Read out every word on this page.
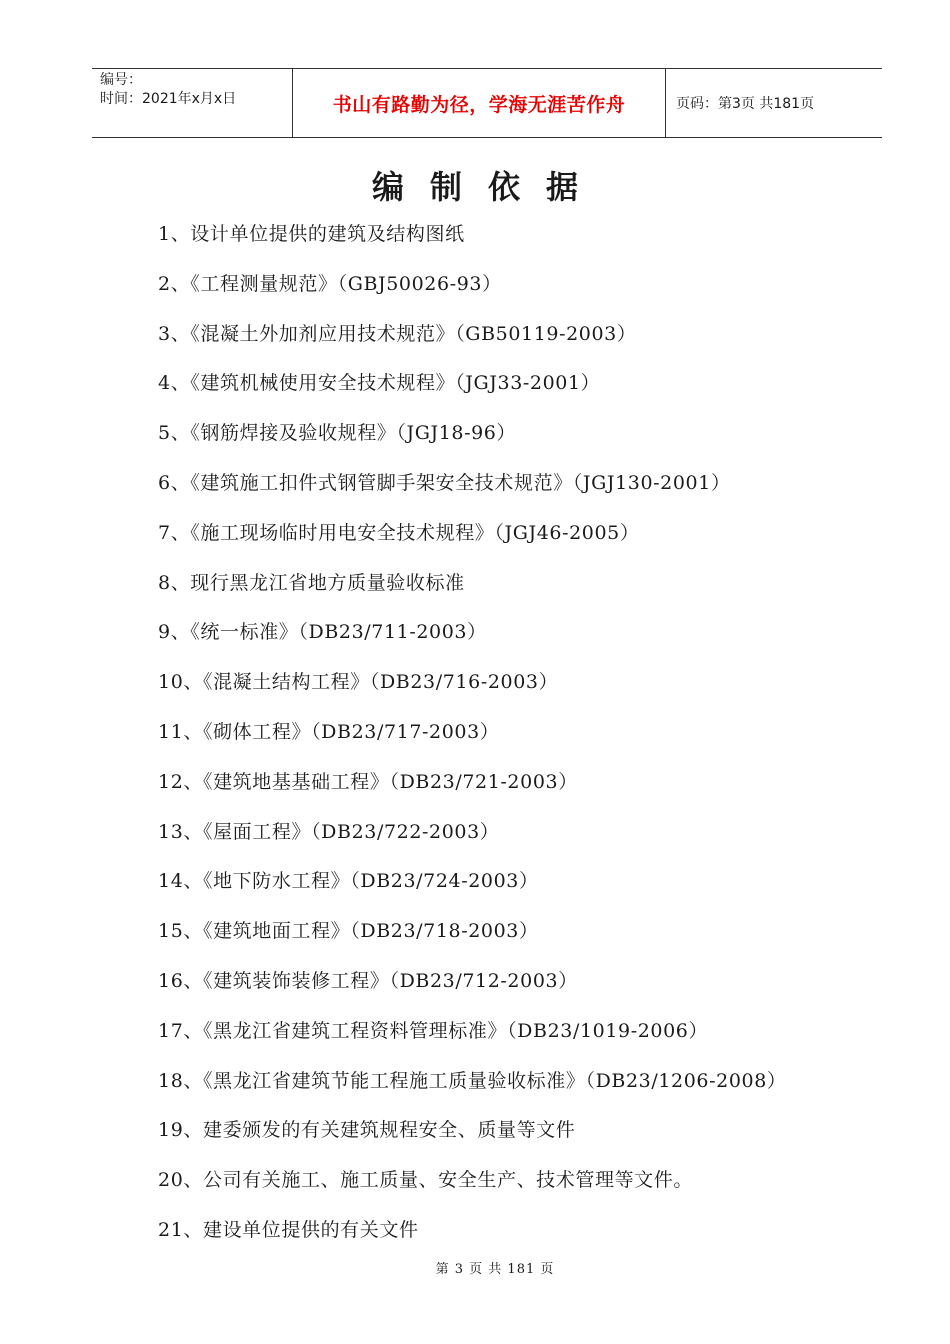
编号：
时间：2021年x月x日	书山有路勤为径，学海无涯苦作舟	页码：第3页 共181页
编制依据
1、设计单位提供的建筑及结构图纸
2、《工程测量规范》（GBJ50026-93）
3、《混凝土外加剂应用技术规范》（GB50119-2003）
4、《建筑机械使用安全技术规程》（JGJ33-2001）
5、《钢筋焊接及验收规程》（JGJ18-96）
6、《建筑施工扣件式钢管脚手架安全技术规范》（JGJ130-2001）
7、《施工现场临时用电安全技术规程》（JGJ46-2005）
8、现行黑龙江省地方质量验收标准
9、《统一标准》（DB23/711-2003）
10、《混凝土结构工程》（DB23/716-2003）
11、《砌体工程》（DB23/717-2003）
12、《建筑地基基础工程》（DB23/721-2003）
13、《屋面工程》（DB23/722-2003）
14、《地下防水工程》（DB23/724-2003）
15、《建筑地面工程》（DB23/718-2003）
16、《建筑装饰装修工程》（DB23/712-2003）
17、《黑龙江省建筑工程资料管理标准》（DB23/1019-2006）
18、《黑龙江省建筑节能工程施工质量验收标准》（DB23/1206-2008）
19、建委颁发的有关建筑规程安全、质量等文件
20、公司有关施工、施工质量、安全生产、技术管理等文件。
21、建设单位提供的有关文件
第 3 页 共 181 页
